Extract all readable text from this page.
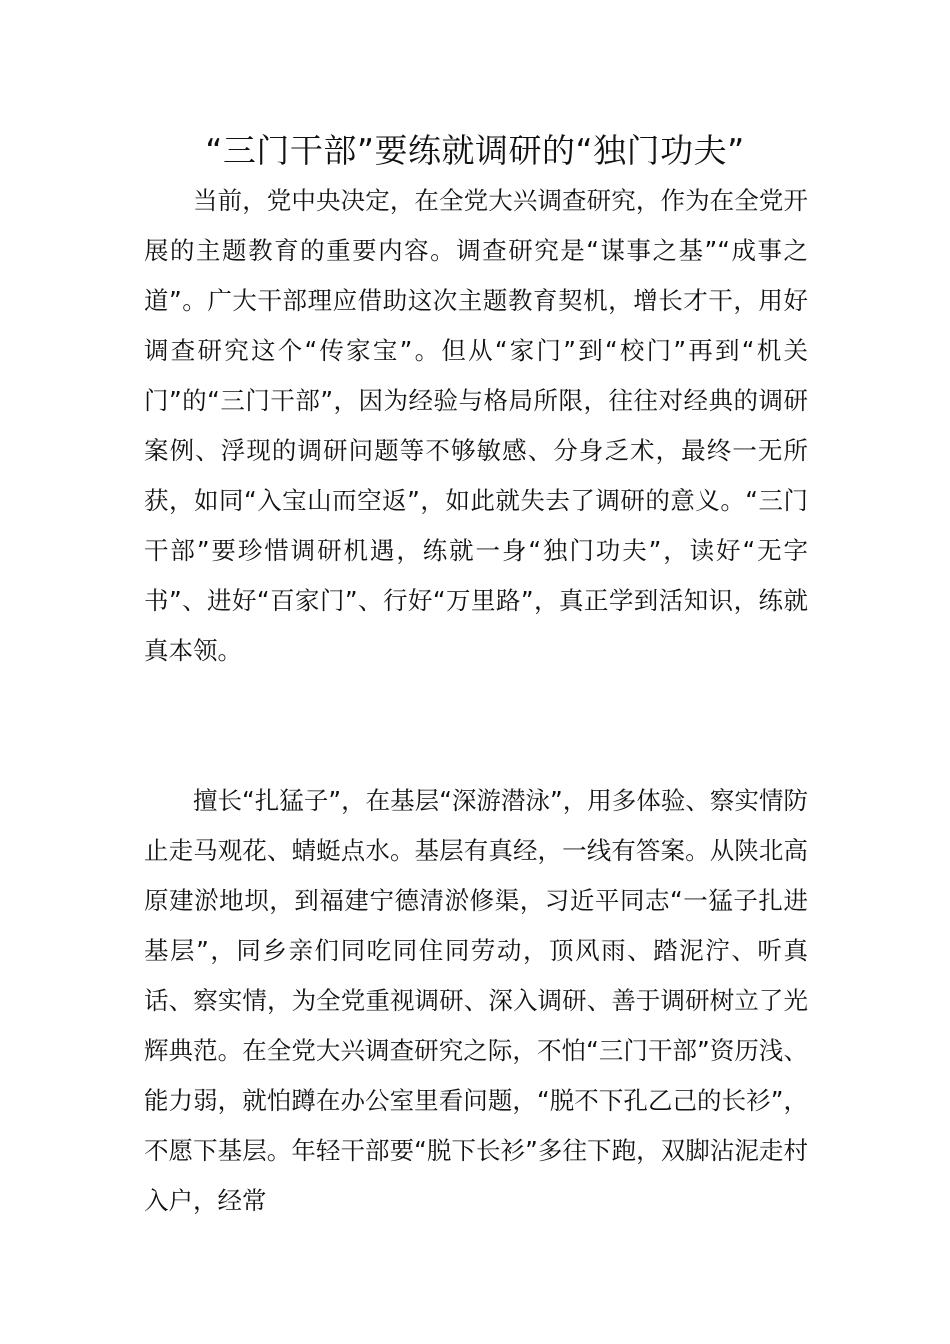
“三门干部”要练就调研的“独门功夫”

当前，党中央决定，在全党大兴调查研究，作为在全党开展的主题教育的重要内容。调查研究是“谋事之基”“成事之道”。广大干部理应借助这次主题教育契机，增长才干，用好调查研究这个“传家宝”。但从“家门”到“校门”再到“机关门”的“三门干部”，因为经验与格局所限，往往对经典的调研案例、浮现的调研问题等不够敏感、分身乏术，最终一无所获，如同“入宝山而空返”，如此就失去了调研的意义。“三门干部”要珍惜调研机遇，练就一身“独门功夫”，读好“无字书”、进好“百家门”、行好“万里路”，真正学到活知识，练就真本领。

擅长“扎猛子”，在基层“深游潜泳”，用多体验、察实情防止走马观花、蜻蜓点水。基层有真经，一线有答案。从陕北高原建淤地坝，到福建宁德清淤修渠，习近平同志“一猛子扎进基层”，同乡亲们同吃同住同劳动，顶风雨、踏泥泞、听真话、察实情，为全党重视调研、深入调研、善于调研树立了光辉典范。在全党大兴调查研究之际，不怕“三门干部”资历浅、能力弱，就怕蹲在办公室里看问题，“脱不下孔乙己的长衫”，不愿下基层。年轻干部要“脱下长衫”多往下跑，双脚沾泥走村入户，经常
